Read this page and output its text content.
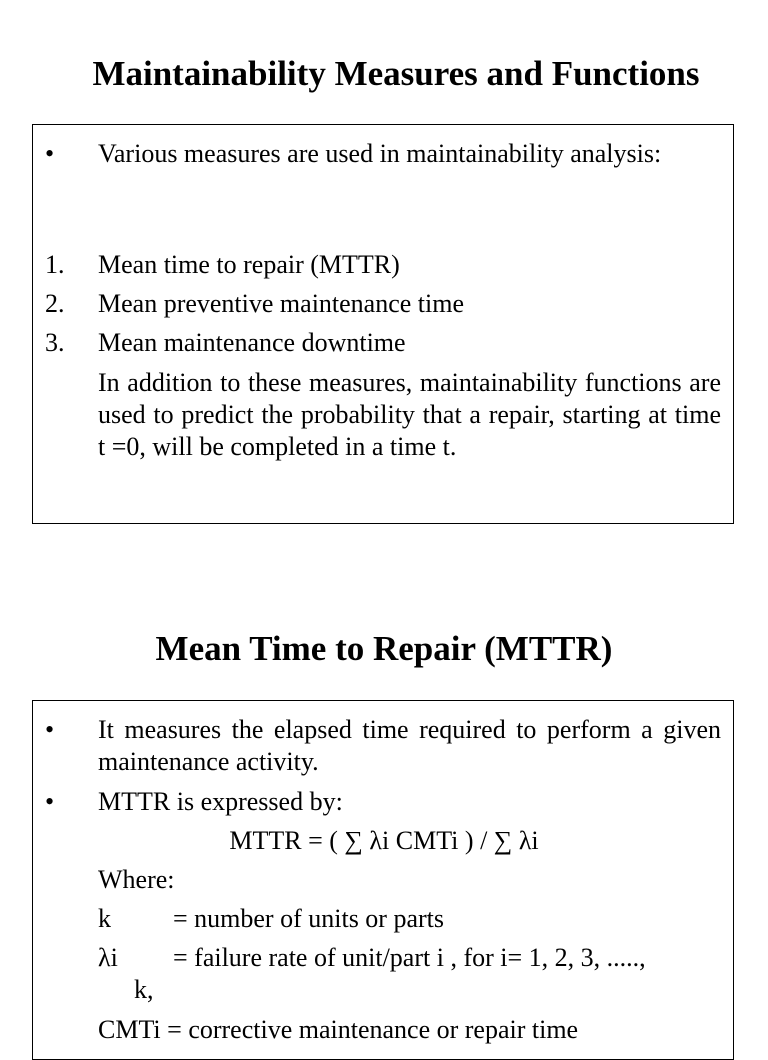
Maintainability Measures and Functions
• Various measures are used in maintainability analysis:
1. Mean time to repair (MTTR)
2. Mean preventive maintenance time
3. Mean maintenance downtime
In addition to these measures, maintainability functions are used to predict the probability that a repair, starting at time t =0, will be completed in a time t.
Mean Time to Repair (MTTR)
• It measures the elapsed time required to perform a given maintenance activity.
• MTTR is expressed by:
MTTR = ( ∑ λi CMTi ) / ∑ λi
Where:
k = number of units or parts
λi = failure rate of unit/part i , for i= 1, 2, 3, .....,
k,
CMTi = corrective maintenance or repair time
